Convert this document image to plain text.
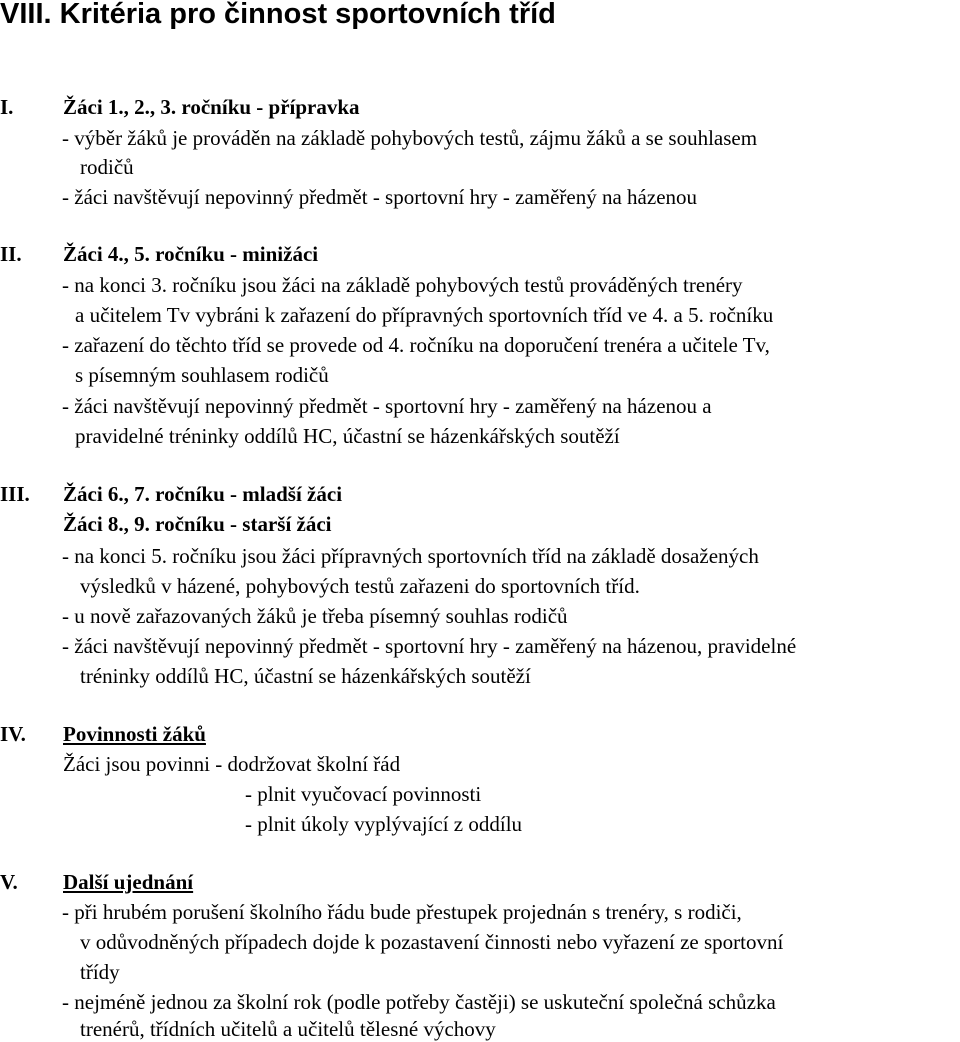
VIII. Kritéria pro činnost sportovních tříd
I. Žáci 1., 2., 3. ročníku - přípravka
- výběr žáků je prováděn na základě pohybových testů, zájmu žáků a se souhlasem
rodičů
- žáci navštěvují nepovinný předmět - sportovní hry - zaměřený na házenou
II. Žáci 4., 5. ročníku - minižáci
- na konci 3. ročníku jsou žáci na základě pohybových testů prováděných trenéry
a učitelem Tv vybráni k zařazení do přípravných sportovních tříd ve 4. a 5. ročníku
- zařazení do těchto tříd se provede od 4. ročníku na doporučení trenéra a učitele Tv,
s písemným souhlasem rodičů
- žáci navštěvují nepovinný předmět - sportovní hry - zaměřený na házenou a
pravidelné tréninky oddílů HC, účastní se házenkářských soutěží
III. Žáci 6., 7. ročníku - mladší žáci
Žáci 8., 9. ročníku - starší žáci
- na konci 5. ročníku jsou žáci přípravných sportovních tříd na základě dosažených
výsledků v házené, pohybových testů zařazeni do sportovních tříd.
- u nově zařazovaných žáků je třeba písemný souhlas rodičů
- žáci navštěvují nepovinný předmět - sportovní hry - zaměřený na házenou, pravidelné
tréninky oddílů HC, účastní se házenkářských soutěží
IV. Povinnosti žáků
Žáci jsou povinni - dodržovat školní řád
- plnit vyučovací povinnosti
- plnit úkoly vyplývající z oddílu
V. Další ujednání
- při hrubém porušení školního řádu bude přestupek projednán s trenéry, s rodiči,
v odůvodněných případech dojde k pozastavení činnosti nebo vyřazení ze sportovní
třídy
- nejméně jednou za školní rok (podle potřeby častěji) se uskuteční společná schůzka
trenérů, třídních učitelů a učitelů tělesné výchovy
